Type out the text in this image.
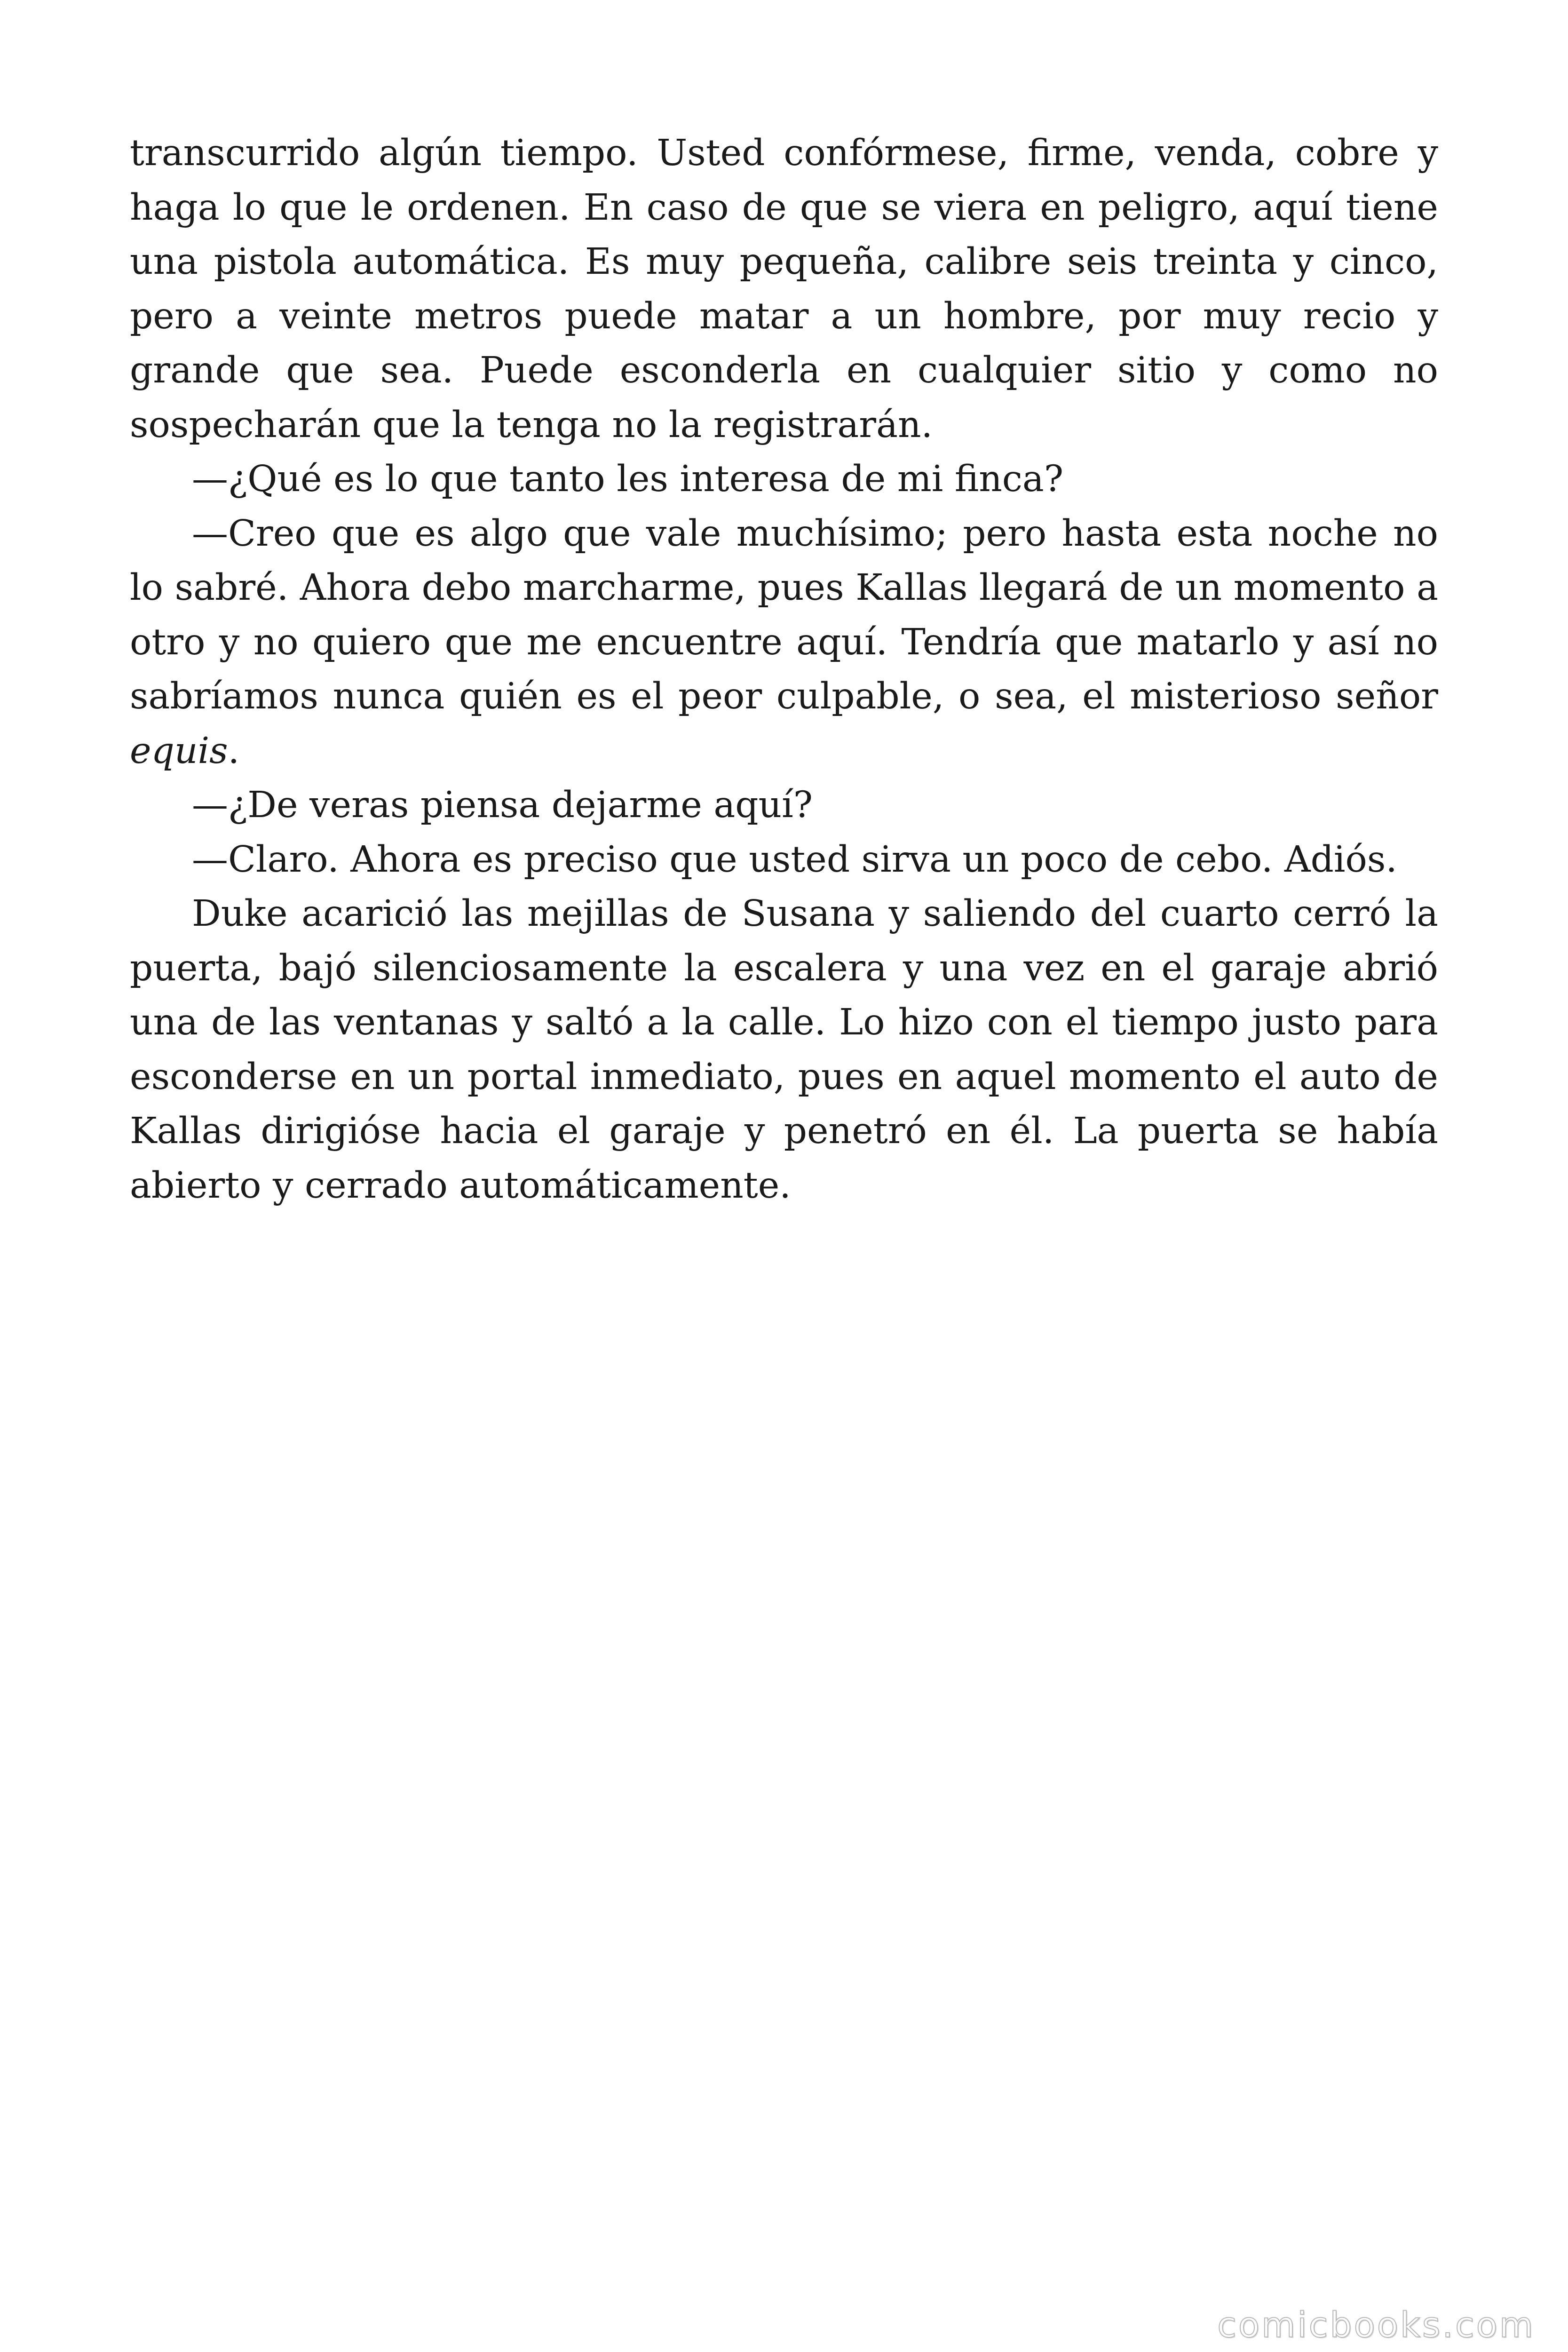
transcurrido algún tiempo. Usted confórmese, firme, venda, cobre y haga lo que le ordenen. En caso de que se viera en peligro, aquí tiene una pistola automática. Es muy pequeña, calibre seis treinta y cinco, pero a veinte metros puede matar a un hombre, por muy recio y grande que sea. Puede esconderla en cualquier sitio y como no sospecharán que la tenga no la registrarán.

—¿Qué es lo que tanto les interesa de mi finca?

—Creo que es algo que vale muchísimo; pero hasta esta noche no lo sabré. Ahora debo marcharme, pues Kallas llegará de un momento a otro y no quiero que me encuentre aquí. Tendría que matarlo y así no sabríamos nunca quién es el peor culpable, o sea, el misterioso señor equis.

—¿De veras piensa dejarme aquí?

—Claro. Ahora es preciso que usted sirva un poco de cebo. Adiós.

Duke acarició las mejillas de Susana y saliendo del cuarto cerró la puerta, bajó silenciosamente la escalera y una vez en el garaje abrió una de las ventanas y saltó a la calle. Lo hizo con el tiempo justo para esconderse en un portal inmediato, pues en aquel momento el auto de Kallas dirigióse hacia el garaje y penetró en él. La puerta se había abierto y cerrado automáticamente.

comicbooks.com
